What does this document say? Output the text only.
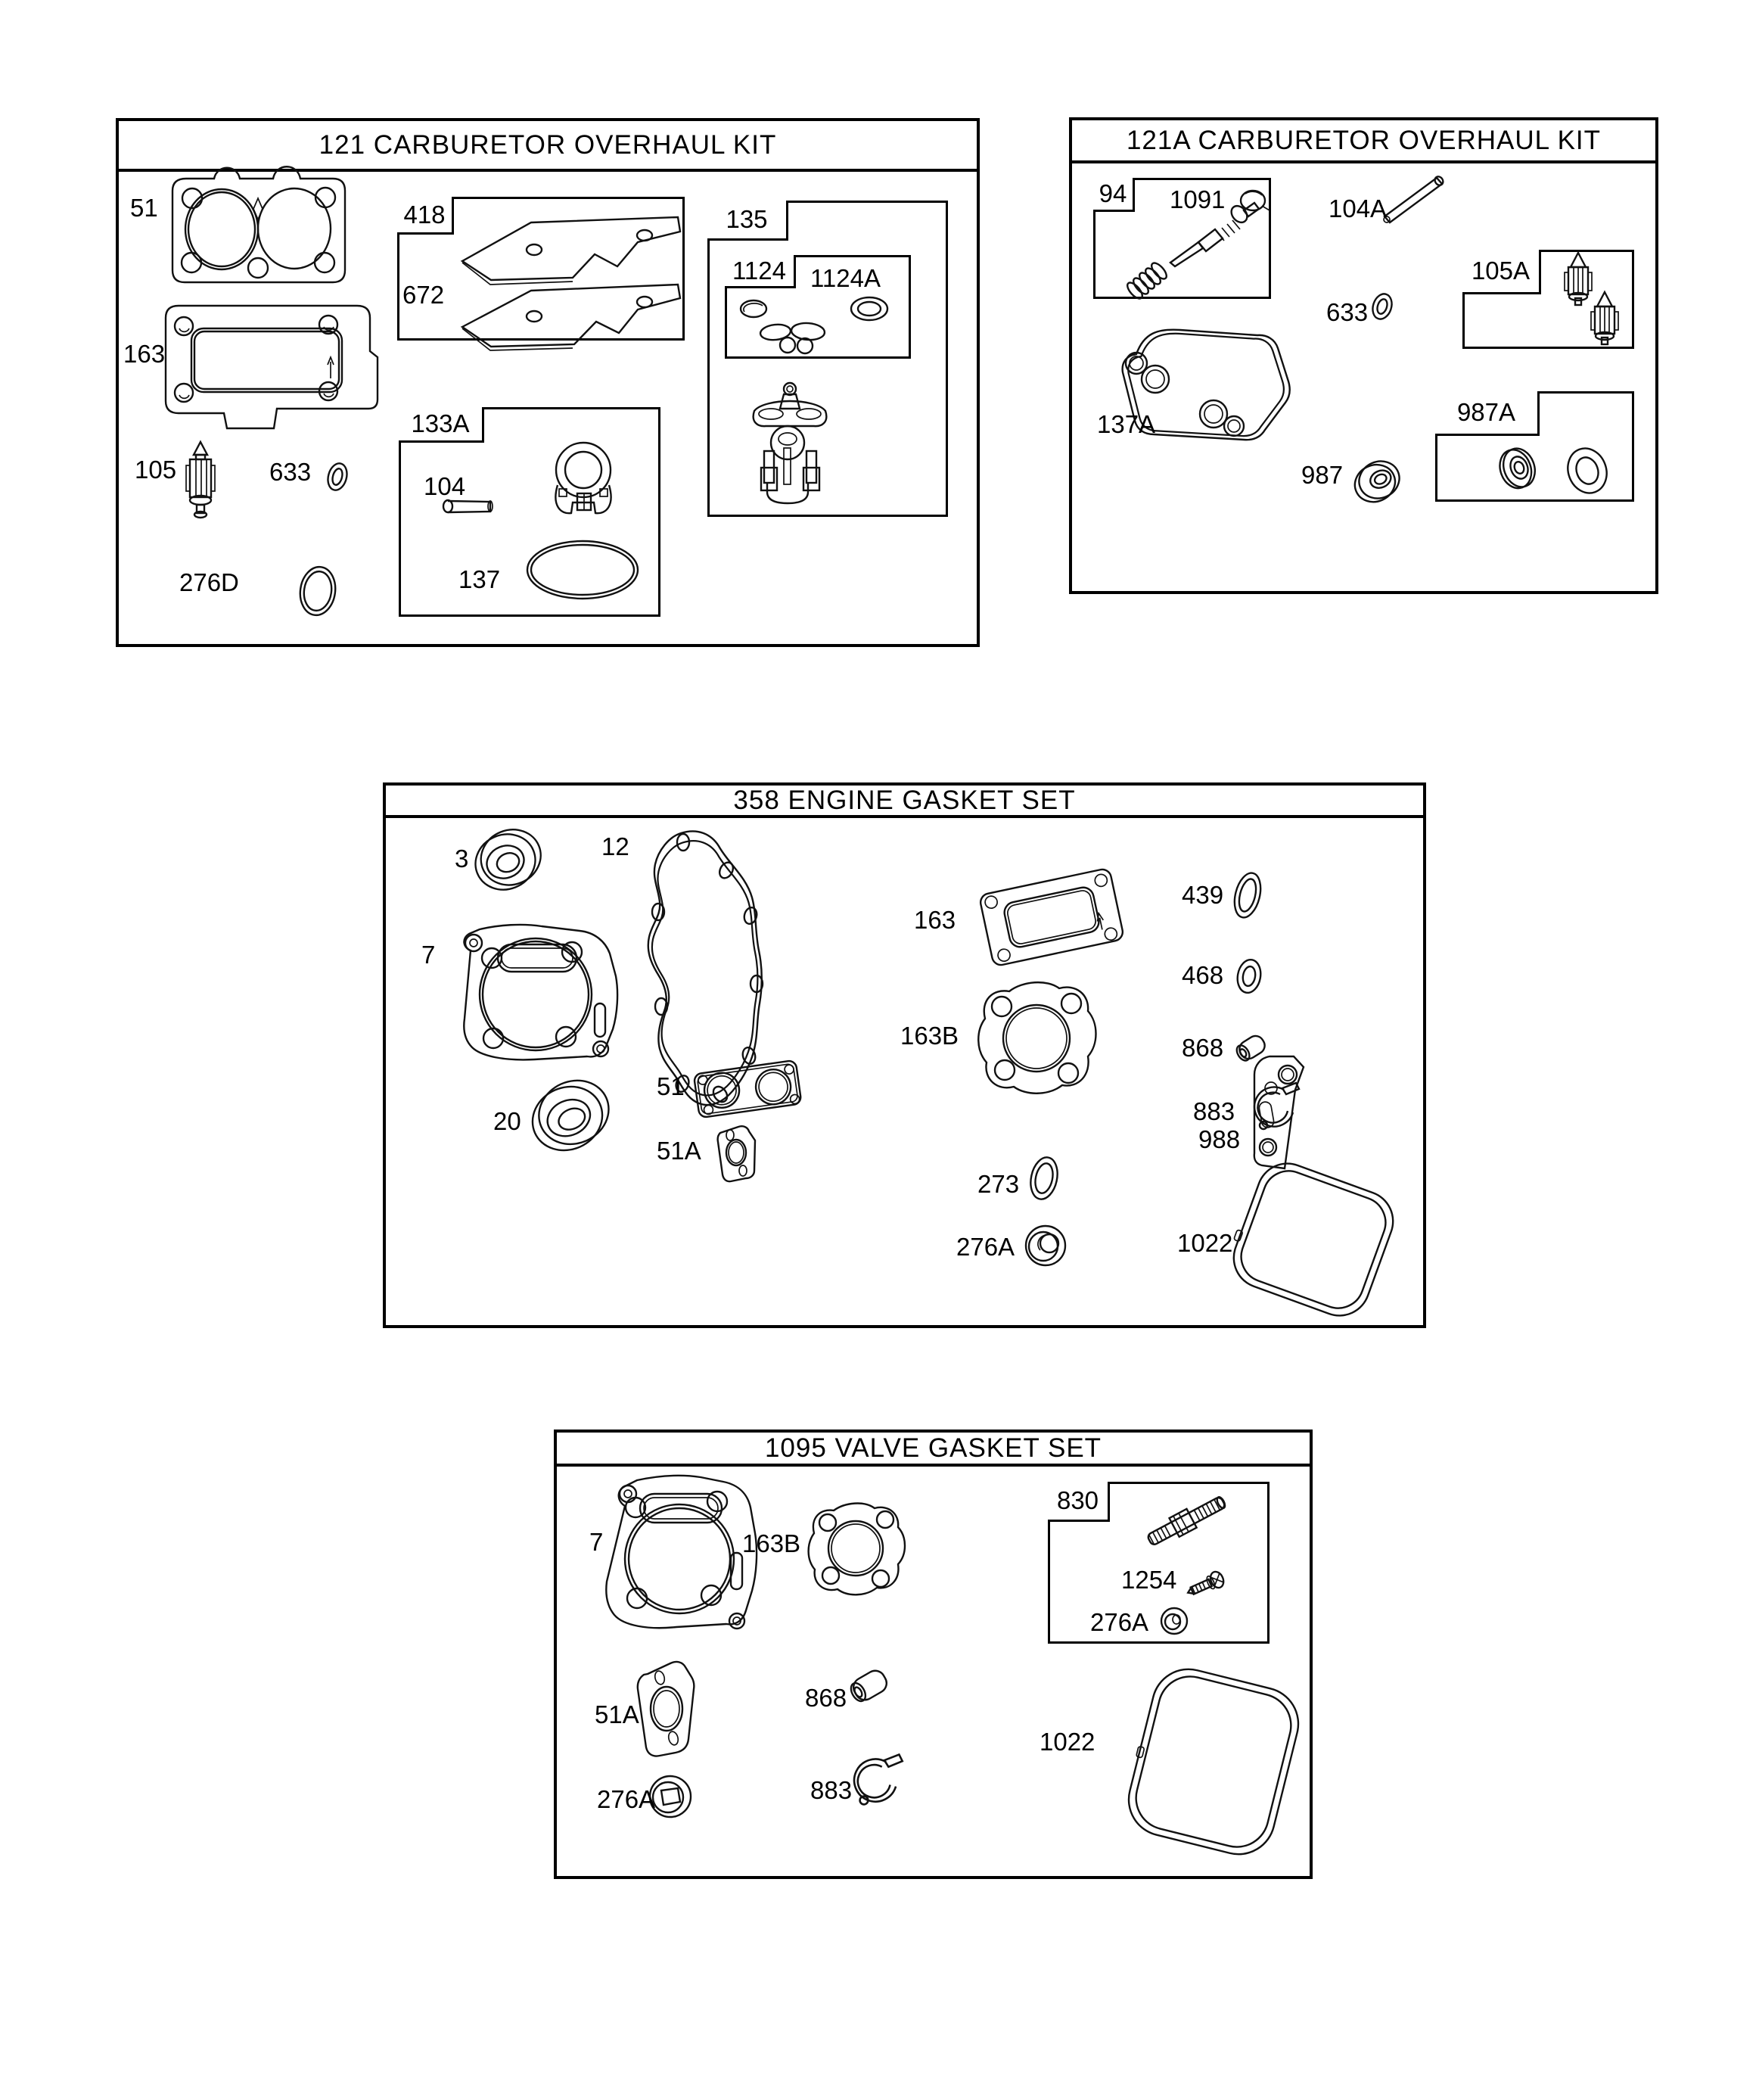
121 CARBURETOR OVERHAUL KIT	121A CARBURETOR OVERHAUL KIT
358 ENGINE GASKET SET
1095 VALVE GASKET SET
418
133A
135
1124
94
105A
987A
830
51
163
105	633
276D
672
104
137
1124A
1091	104A
633
137A
987
3	12
7
51
20
51A
163
163B
439
468
868
883
988
273
276A	1022
7	163B
1254
276A
51A
868
276A	883
1022
